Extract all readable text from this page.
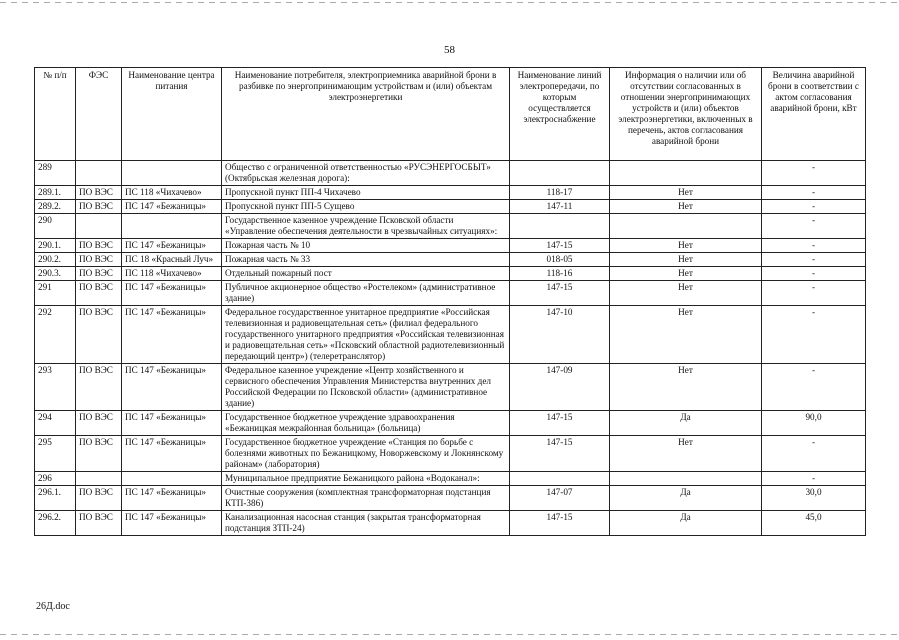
58
№ п/п	ФЭС	Наименование центра питания	Наименование потребителя, электроприемника аварийной брони в разбивке по энергопринимающим устройствам и (или) объектам электроэнергетики	Наименование линий электропередачи, по которым осуществляется электроснабжение	Информация о наличии или об отсутствии согласованных в отношении энергопринимающих устройств и (или) объектов электроэнергетики, включенных в перечень, актов согласования аварийной брони	Величина аварийной брони в соответствии с актом согласования аварийной брони, кВт
289			Общество с ограниченной ответственностью «РУСЭНЕРГОСБЫТ» (Октябрьская железная дорога):			-
289.1.	ПО ВЭС	ПС 118 «Чихачево»	Пропускной пункт ПП-4 Чихачево	118-17	Нет	-
289.2.	ПО ВЭС	ПС 147 «Бежаницы»	Пропускной пункт ПП-5 Сущево	147-11	Нет	-
290			Государственное казенное учреждение Псковской области «Управление обеспечения деятельности в чрезвычайных ситуациях»:			-
290.1.	ПО ВЭС	ПС 147 «Бежаницы»	Пожарная часть № 10	147-15	Нет	-
290.2.	ПО ВЭС	ПС 18 «Красный Луч»	Пожарная часть № 33	018-05	Нет	-
290.3.	ПО ВЭС	ПС 118 «Чихачево»	Отдельный пожарный пост	118-16	Нет	-
291	ПО ВЭС	ПС 147 «Бежаницы»	Публичное акционерное общество «Ростелеком» (административное здание)	147-15	Нет	-
292	ПО ВЭС	ПС 147 «Бежаницы»	Федеральное государственное унитарное предприятие «Российская телевизионная и радиовещательная сеть» (филиал федерального государственного унитарного предприятия «Российская телевизионная и радиовещательная сеть» «Псковский областной радиотелевизионный передающий центр») (телеретранслятор)	147-10	Нет	-
293	ПО ВЭС	ПС 147 «Бежаницы»	Федеральное казенное учреждение «Центр хозяйственного и сервисного обеспечения Управления Министерства внутренних дел Российской Федерации по Псковской области» (административное здание)	147-09	Нет	-
294	ПО ВЭС	ПС 147 «Бежаницы»	Государственное бюджетное учреждение здравоохранения «Бежаницкая межрайонная больница» (больница)	147-15	Да	90,0
295	ПО ВЭС	ПС 147 «Бежаницы»	Государственное бюджетное учреждение «Станция по борьбе с болезнями животных по Бежаницкому, Новоржевскому и Локнянскому районам» (лаборатория)	147-15	Нет	-
296			Муниципальное предприятие Бежаницкого района «Водоканал»:			-
296.1.	ПО ВЭС	ПС 147 «Бежаницы»	Очистные сооружения (комплектная трансформаторная подстанция КТП-386)	147-07	Да	30,0
296.2.	ПО ВЭС	ПС 147 «Бежаницы»	Канализационная насосная станция (закрытая трансформаторная подстанция ЗТП-24)	147-15	Да	45,0
26Д.doc
